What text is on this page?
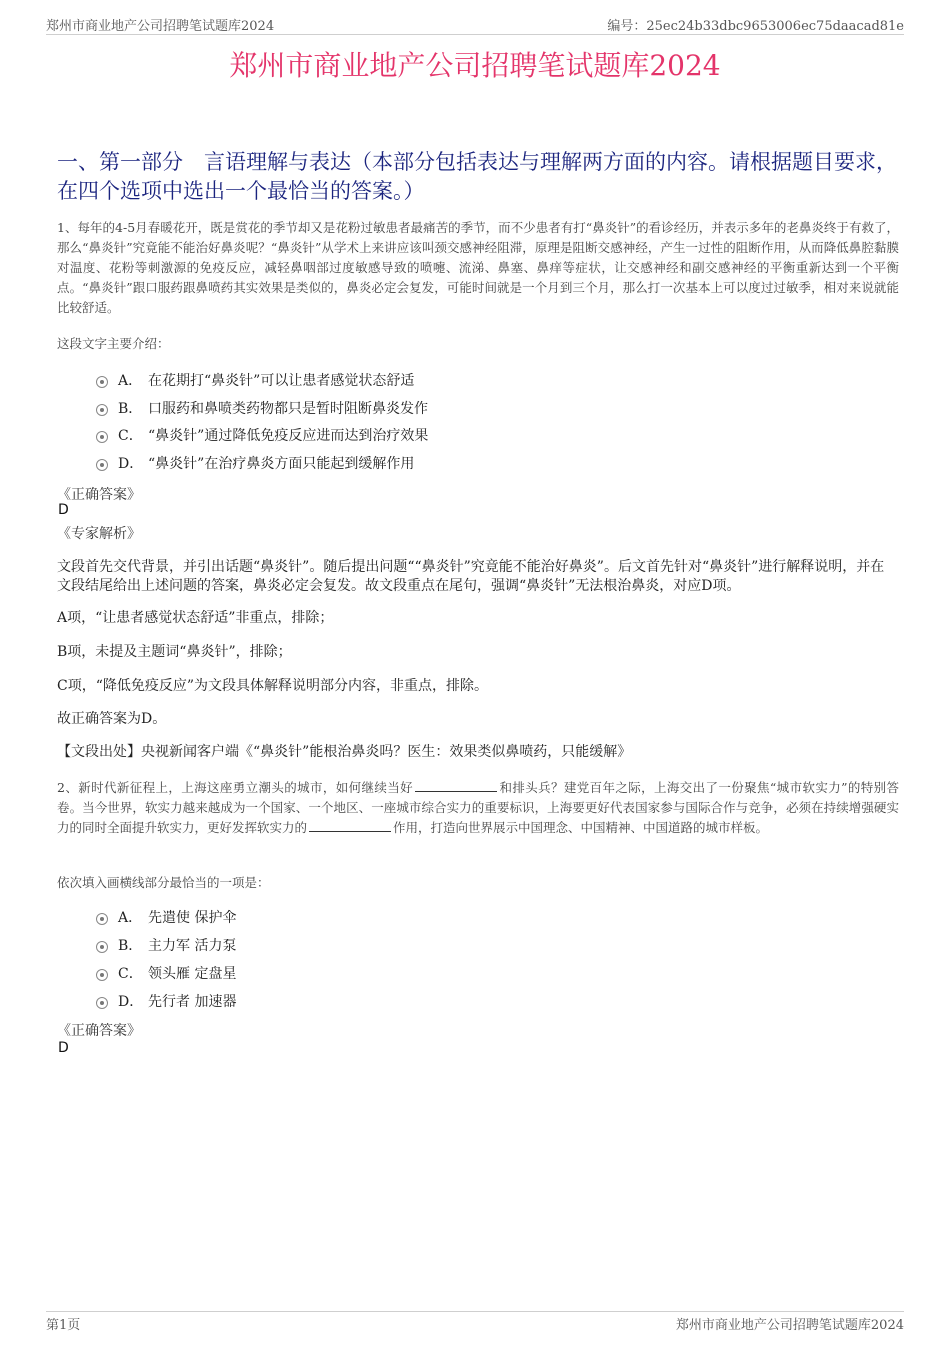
郑州市商业地产公司招聘笔试题库2024	编号：25ec24b33dbc9653006ec75daacad81e
郑州市商业地产公司招聘笔试题库2024
一、第一部分　言语理解与表达（本部分包括表达与理解两方面的内容。请根据题目要求，在四个选项中选出一个最恰当的答案。）
1、每年的4-5月春暖花开，既是赏花的季节却又是花粉过敏患者最痛苦的季节，而不少患者有打“鼻炎针”的看诊经历，并表示多年的老鼻炎终于有救了，那么“鼻炎针”究竟能不能治好鼻炎呢？“鼻炎针”从学术上来讲应该叫颈交感神经阻滞，原理是阻断交感神经，产生一过性的阻断作用，从而降低鼻腔黏膜对温度、花粉等刺激源的免疫反应，减轻鼻咽部过度敏感导致的喷嚏、流涕、鼻塞、鼻痒等症状，让交感神经和副交感神经的平衡重新达到一个平衡点。“鼻炎针”跟口服药跟鼻喷药其实效果是类似的，鼻炎必定会复发，可能时间就是一个月到三个月，那么打一次基本上可以度过过敏季，相对来说就能比较舒适。
这段文字主要介绍：
A． 在花期打“鼻炎针”可以让患者感觉状态舒适
B． 口服药和鼻喷类药物都只是暂时阻断鼻炎发作
C． “鼻炎针”通过降低免疫反应进而达到治疗效果
D． “鼻炎针”在治疗鼻炎方面只能起到缓解作用
《正确答案》
D
《专家解析》
文段首先交代背景，并引出话题“鼻炎针”。随后提出问题““鼻炎针”究竟能不能治好鼻炎”。后文首先针对“鼻炎针”进行解释说明，并在文段结尾给出上述问题的答案，鼻炎必定会复发。故文段重点在尾句，强调“鼻炎针”无法根治鼻炎，对应D项。
A项，“让患者感觉状态舒适”非重点，排除；
B项，未提及主题词“鼻炎针”，排除；
C项，“降低免疫反应”为文段具体解释说明部分内容，非重点，排除。
故正确答案为D。
【文段出处】央视新闻客户端《“鼻炎针”能根治鼻炎吗？医生：效果类似鼻喷药，只能缓解》
2、新时代新征程上，上海这座勇立潮头的城市，如何继续当好	和排头兵？建党百年之际，上海交出了一份聚焦“城市软实力”的特别答卷。当今世界，软实力越来越成为一个国家、一个地区、一座城市综合实力的重要标识，上海要更好代表国家参与国际合作与竞争，必须在持续增强硬实力的同时全面提升软实力，更好发挥软实力的	作用，打造向世界展示中国理念、中国精神、中国道路的城市样板。
依次填入画横线部分最恰当的一项是：
A． 先遣使 保护伞
B． 主力军 活力泵
C． 领头雁 定盘星
D． 先行者 加速器
《正确答案》
D
第1页	郑州市商业地产公司招聘笔试题库2024
